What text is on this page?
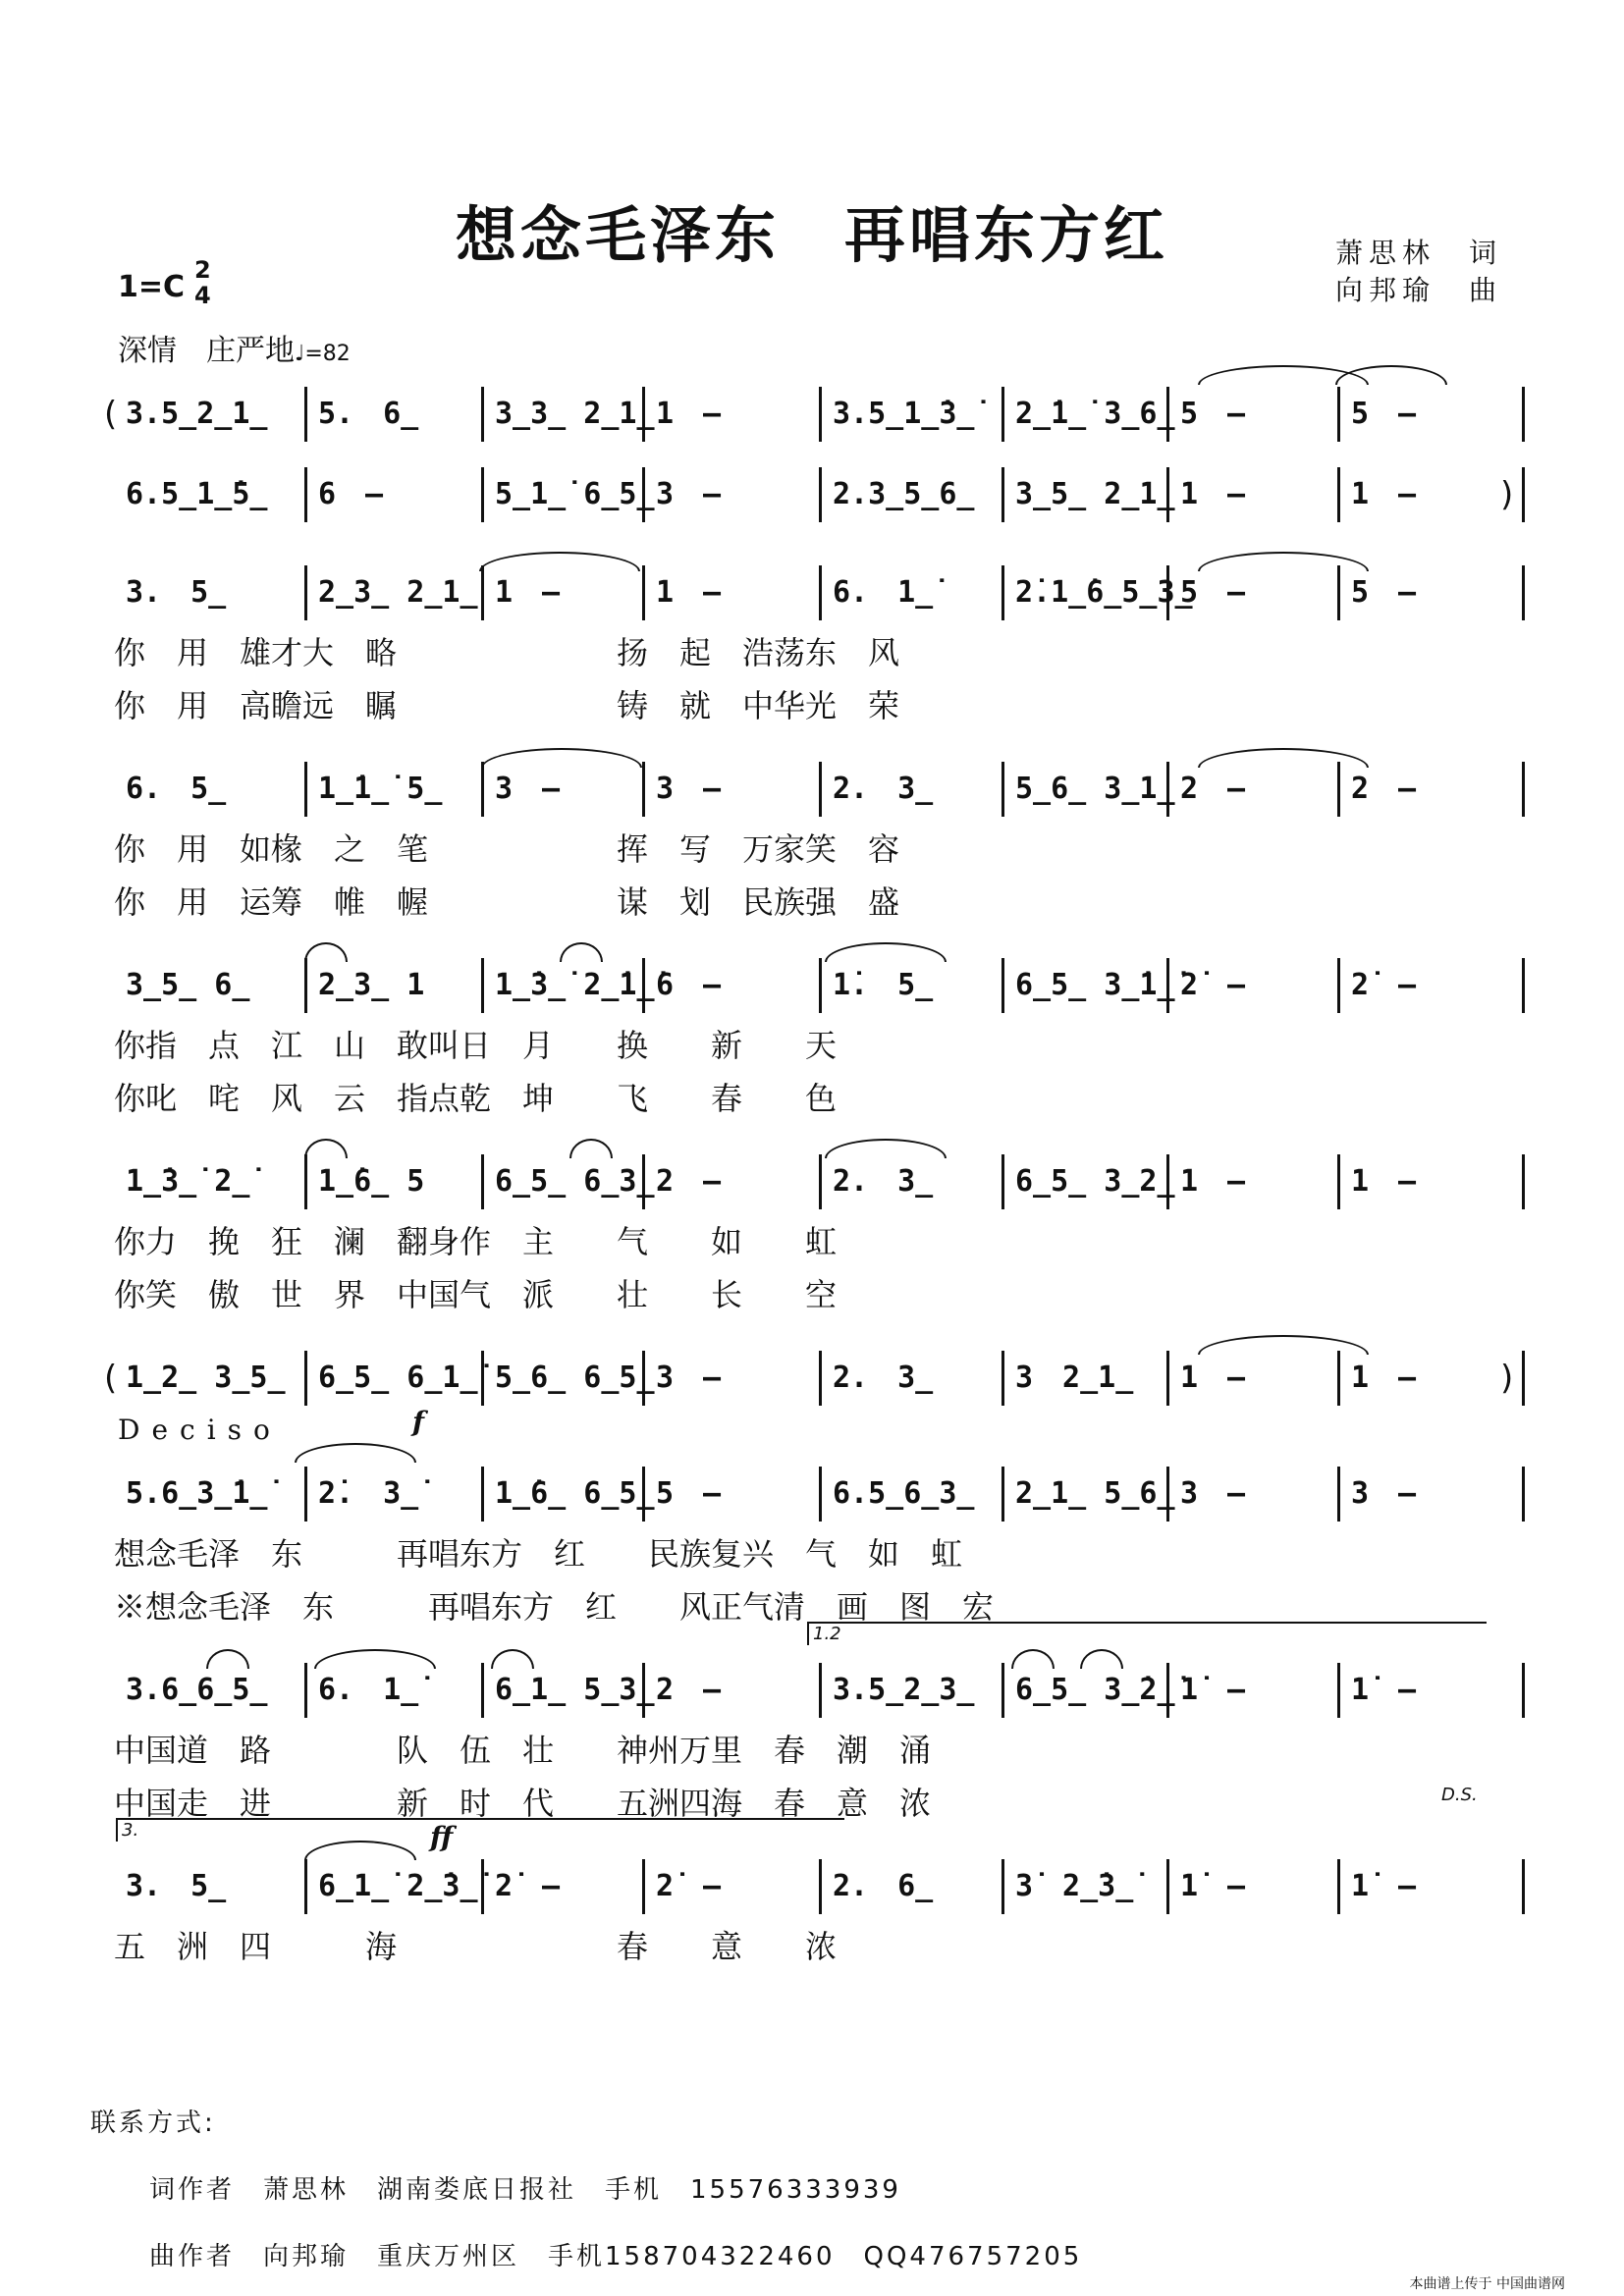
想念毛泽东　再唱东方红	萧思林　词
向邦瑜　曲
1=C 2
4
深情　庄严地♩=82
3.5̲2̲1̲ 5.　6̲	3̲3̲ 2̲1̲ 1　–	3.5̲1̲̇3̲̇ 2̲̇1̲̇ 3̲6̲ 5　–	5　–
6.5̲1̲̇5̲ 6　–	5̲1̲̇ 6̲5̲ 3　–	2.3̲5̲6̲ 3̲5̲ 2̲1̲ 1　–	1　–
3.　5̲	2̲3̲ 2̲1̲ 1　–	1　–	6.　1̲̇	2̇.1̲̇6̲5̲3̲
5　–	5　–
你　用　雄才大　略　　　　　　　扬　起　浩荡东　风
你　用　高瞻远　瞩　　　　　　　铸　就　中华光　荣
6.　5̲	1̲̇1̲̇ 5̲ 3　–	3　–	2.　3̲	5̲6̲ 3̲1̲ 2　–	2　–
你　用　如椽　之　笔　　　　　　挥　写　万家笑　容
你　用　运筹　帷　幄　　　　　　谋　划　民族强　盛
3̲5̲ 6̲ 2̲3̲ 1 1̲̇3̲̇ 2̲̇1̲̇ 6　–	1̇.　5̲	6̲5̲ 3̲̇1̲̇ 2̇　–	2̇　–
你指　点　江　山　敢叫日　月　　换　　新　　天
你叱　咤　风　云　指点乾　坤　　飞　　春　　色
1̲̇3̲̇ 2̲̇ 1̲̇6̲ 5 6̲5̲ 6̲3̲ 2　–	2.　3̲	6̲5̲ 3̲2̲ 1　–	1　–
你力　挽　狂　澜　翻身作　主　　气　　如　　虹
你笑　傲　世　界　中国气　派　　壮　　长　　空
1̲2̲ 3̲5̲ 6̲5̲ 6̲1̲̇ 5̲6̲ 6̲5̲ 3　–	2.　3̲	3　2̲1̲ 1　–	1　–
5.6̲3̲̇1̲̇ 2̇.　3̲̇	1̲̇6̲ 6̲5̲ 5　–	6.5̲6̲3̲ 2̲1̲ 5̲6̲ 3　–	3　–
想念毛泽　东　　　再唱东方　红　　民族复兴　气　如　虹
※想念毛泽　东　　　再唱东方　红　　风正气清　画　图　宏
3.6̲6̲5̲ 6.　1̲̇	6̲1̲ 5̲3̲ 2　–	3.5̲2̲3̲ 6̲5̲ 3̲̇2̲̇ 1̇　–	1̇　–
中国道　路　　　　队　伍　壮　　神州万里　春　潮　涌
中国走　进　　　　新　时　代　　五洲四海　春　意　浓
3.　5̲	6̲1̲̇ 2̲̇3̲̇ 2̇　–	2̇　–	2.　6̲	3̇　2̲̇3̲̇ 1̇　–	1̇　–
五　洲　四　　　海　　　　　　　春　　意　　浓
Deciso	f
ff
1.2
3.
D.S.
联系方式:
词作者　萧思林　湖南娄底日报社　手机　15576333939
曲作者　向邦瑜　重庆万州区　手机158704322460　QQ476757205
本曲谱上传于 中国曲谱网
(
(
)
)
